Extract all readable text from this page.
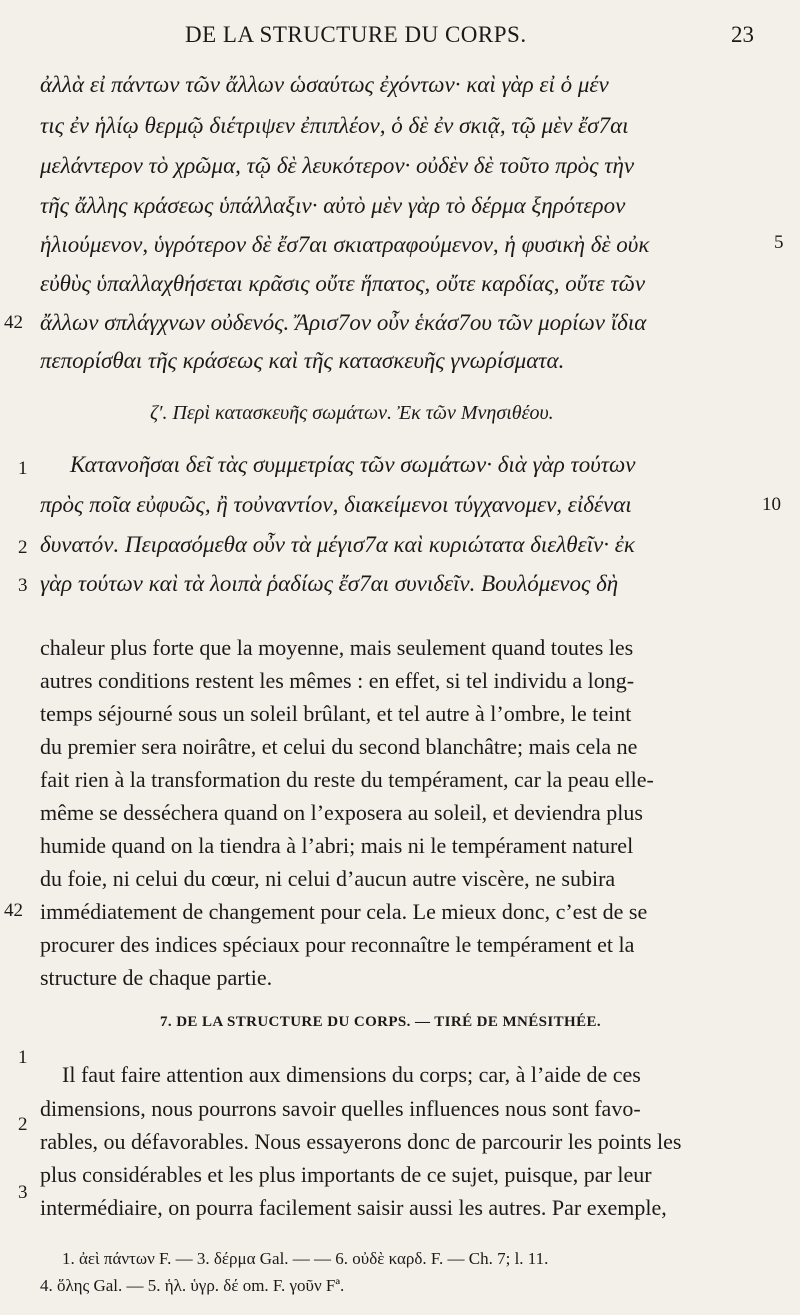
DE LA STRUCTURE DU CORPS.	23
ἀλλὰ εἰ πάντων τῶν ἄλλων ὡσαύτως ἐχόντων· καὶ γὰρ εἰ ὁ μέν
τις ἐν ἡλίῳ θερμῷ διέτριψεν ἐπιπλέον, ὁ δὲ ἐν σκιᾷ, τῷ μὲν ἔσ7αι
μελάντερον τὸ χρῶμα, τῷ δὲ λευκότερον· οὐδὲν δὲ τοῦτο πρὸς τὴν
τῆς ἄλλης κράσεως ὑπάλλαξιν· αὐτὸ μὲν γὰρ τὸ δέρμα ξηρότερον
ἡλιούμενον, ὑγρότερον δὲ ἔσ7αι σκιατραφούμενον, ἡ φυσικὴ δὲ οὐκ
εὐθὺς ὑπαλλαχθήσεται κρᾶσις οὔτε ἥπατος, οὔτε καρδίας, οὔτε τῶν
ἄλλων σπλάγχνων οὐδενός. Ἄρισ7ον οὖν ἑκάσ7ου τῶν μορίων ἴδια
πεπορίσθαι τῆς κράσεως καὶ τῆς κατασκευῆς γνωρίσματα.
ζ′. Περὶ κατασκευῆς σωμάτων. Ἐκ τῶν Μνησιθέου.
Κατανοῆσαι δεῖ τὰς συμμετρίας τῶν σωμάτων· διὰ γὰρ τούτων
πρὸς ποῖα εὐφυῶς, ἢ τοὐναντίον, διακείμενοι τύγχανομεν, εἰδέναι
δυνατόν. Πειρασόμεθα οὖν τὰ μέγισ7α καὶ κυριώτατα διελθεῖν· ἐκ
γὰρ τούτων καὶ τὰ λοιπὰ ῥαδίως ἔσ7αι συνιδεῖν. Βουλόμενος δὴ
chaleur plus forte que la moyenne, mais seulement quand toutes les
autres conditions restent les mêmes : en effet, si tel individu a long-
temps séjourné sous un soleil brûlant, et tel autre à l’ombre, le teint
du premier sera noirâtre, et celui du second blanchâtre; mais cela ne
fait rien à la transformation du reste du tempérament, car la peau elle-
même se desséchera quand on l’exposera au soleil, et deviendra plus
humide quand on la tiendra à l’abri; mais ni le tempérament naturel
du foie, ni celui du cœur, ni celui d’aucun autre viscère, ne subira
immédiatement de changement pour cela. Le mieux donc, c’est de se
procurer des indices spéciaux pour reconnaître le tempérament et la
structure de chaque partie.
7. DE LA STRUCTURE DU CORPS. — TIRÉ DE MNÉSITHÉE.
Il faut faire attention aux dimensions du corps; car, à l’aide de ces
dimensions, nous pourrons savoir quelles influences nous sont favo-
rables, ou défavorables. Nous essayerons donc de parcourir les points les
plus considérables et les plus importants de ce sujet, puisque, par leur
intermédiaire, on pourra facilement saisir aussi les autres. Par exemple,
1. ἀεὶ πάντων F. — 3. δέρμα Gal. — — 6. οὐδὲ καρδ. F. — Ch. 7; l. 11.
4. ὅλης Gal. — 5. ἡλ. ὑγρ. δέ om. F. γοῦν Fª.
5
42
1
10
2
3
42
1
2
3
